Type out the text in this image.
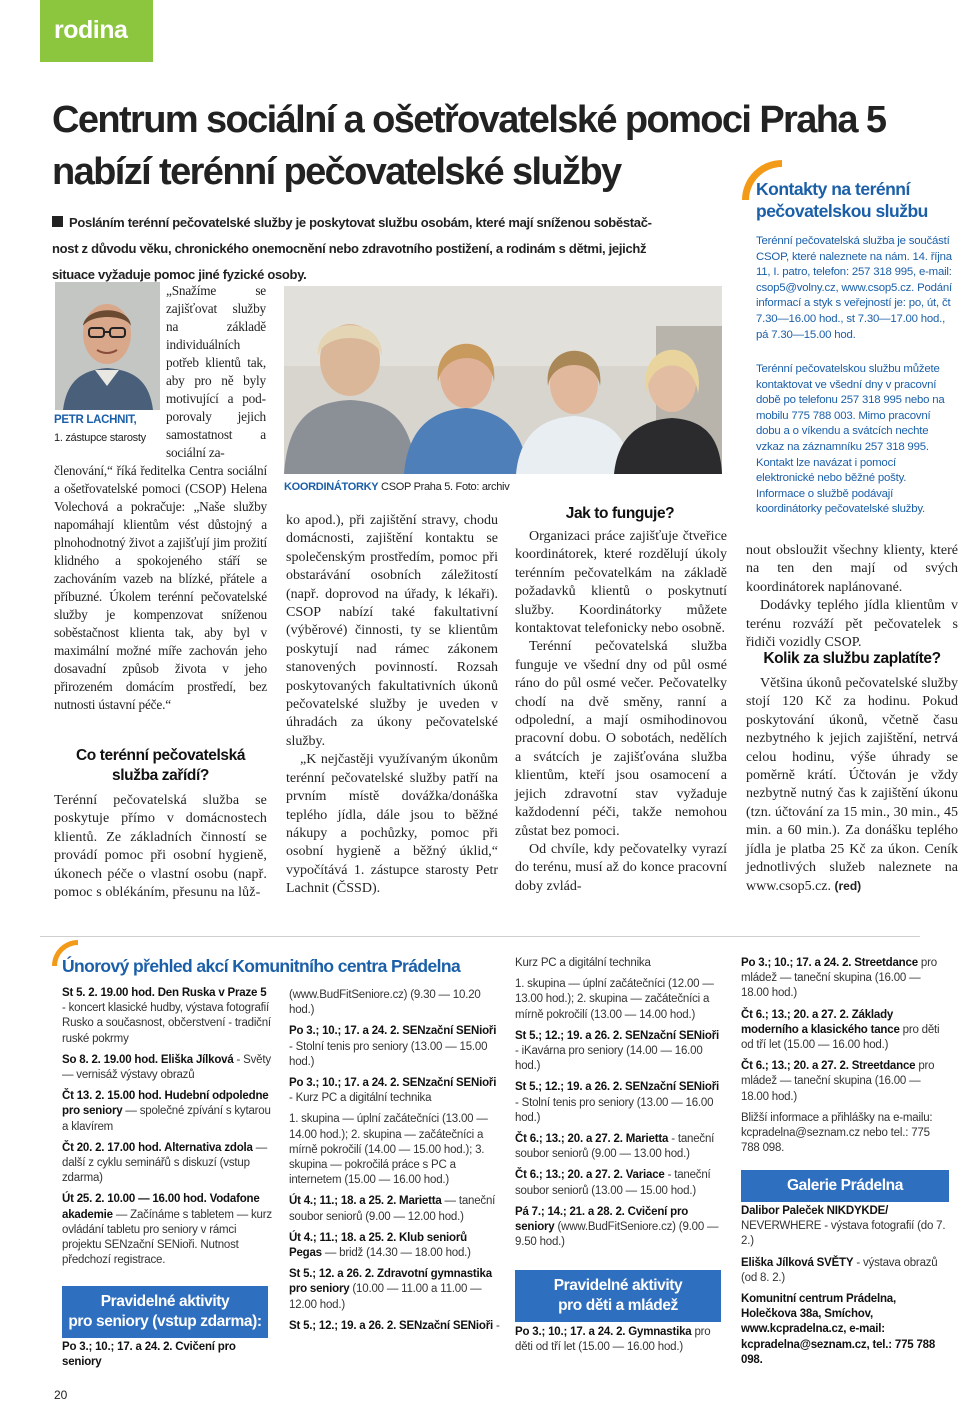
rodina
Centrum sociální a ošetřovatelské pomoci Praha 5
nabízí terénní pečovatelské služby
Posláním terénní pečovatelské služby je poskytovat službu osobám, které mají sníženou soběstač-
nost z důvodu věku, chronického onemocnění nebo zdravotního postižení, a rodinám s dětmi, jejichž
situace vyžaduje pomoc jiné fyzické osoby.
PETR LACHNIT,
1. zástupce starosty
„Snažíme se zajišťovat služby na základě individuálních potřeb klientů tak, aby pro ně byly motivující a podporovaly jejich samostatnost a sociální za-
členování,“ říká ředitelka Centra sociální a ošetřovatelské pomoci (CSOP) Helena Volechová a pokračuje: „Naše služby napomáhají klientům vést důstojný a plnohodnotný život a zajišťují jim prožití klidného a spokojeného stáří se zachováním vazeb na blízké, přátele a příbuzné. Úkolem terénní pečovatelské služby je kompenzovat sníženou soběstačnost klienta tak, aby byl v maximální možné míře zachován jeho dosavadní způsob života v jeho přirozeném domácím prostředí, bez nutnosti ústavní péče.“
Co terénní pečovatelská
služba zařídí?
Terénní pečovatelská služba se poskytuje přímo v domácnostech klientů. Ze základních činností se provádí pomoc při osobní hygieně, úkonech péče o vlastní osobu (např. pomoc s oblékáním, přesunu na lůž-
KOORDINÁTORKY CSOP Praha 5. Foto: archiv

ko apod.), při zajištění stravy, chodu domácnosti, zajištění kontaktu se společenským prostředím, pomoc při obstarávání osobních záležitostí (např. doprovod na úřady, k lékaři). CSOP nabízí také fakultativní (výběrové) činnosti, ty se klientům poskytují nad rámec zákonem stanovených povinností. Rozsah poskytovaných fakultativních úkonů pečovatelské služby je uveden v úhradách za úkony pečovatelské služby.

„K nejčastěji využívaným úkonům terénní pečovatelské služby patří na prvním místě dovážka/donáška teplého jídla, dále jsou to běžné nákupy a pochůzky, pomoc při osobní hygieně a běžný úklid,“ vypočítává 1. zástupce starosty Petr Lachnit (ČSSD).

Jak to funguje?

Organizaci práce zajišťuje čtveřice koordinátorek, které rozdělují úkoly terénním pečovatelkám na základě požadavků klientů o poskytnutí služby. Koordinátorky můžete kontaktovat telefonicky nebo osobně.

Terénní pečovatelská služba funguje ve všední dny od půl osmé ráno do půl osmé večer. Pečovatelky chodí na dvě směny, ranní a odpolední, a mají osmihodinovou pracovní dobu. O sobotách, nedělích a svátcích je zajišťována služba klientům, kteří jsou osamocení a jejich zdravotní stav vyžaduje každodenní péči, takže nemohou zůstat bez pomoci.

Od chvíle, kdy pečovatelky vyrazí do terénu, musí až do konce pracovní doby zvlád-

Kontakty na terénní
pečovatelskou službu
Terénní pečovatelská služba je součástí CSOP, které naleznete na nám. 14. října 11, I. patro, telefon: 257 318 995, e-mail: csop5@volny.cz, www.csop5.cz. Podání informací a styk s veřejností je: po, út, čt 7.30—16.00 hod., st 7.30—17.00 hod., pá 7.30—15.00 hod.
Terénní pečovatelskou službu můžete kontaktovat ve všední dny v pracovní době po telefonu 257 318 995 nebo na mobilu 775 788 003. Mimo pracovní dobu a o víkendu a svátcích nechte vzkaz na záznamníku 257 318 995. Kontakt lze navázat i pomocí elektronické nebo běžné pošty. Informace o službě podávají koordinátorky pečovatelské služby.

nout obsloužit všechny klienty, které na ten den mají od svých koordinátorek naplánované.

Dodávky teplého jídla klientům v terénu rozváží pět pečovatelek s řidiči vozidly CSOP.

Kolik za službu zaplatíte?
Většina úkonů pečovatelské služby stojí 120 Kč za hodinu. Pokud poskytování úkonů, včetně času nezbytného k jejich zajištění, netrvá celou hodinu, výše úhrady se poměrně krátí. Účtován je vždy nezbytně nutný čas k zajištění úkonu (tzn. účtování za 15 min., 30 min., 45 min. a 60 min.). Za donášku teplého jídla je platba 25 Kč za úkon. Ceník jednotlivých služeb naleznete na www.csop5.cz. (red)
Únorový přehled akcí Komunitního centra Prádelna

St 5. 2. 19.00 hod. Den Ruska v Praze 5 - koncert klasické hudby, výstava fotografií Rusko a současnost, občerstvení - tradiční ruské pokrmy

So 8. 2. 19.00 hod. Eliška Jílková - Světy — vernisáž výstavy obrazů

Čt 13. 2. 15.00 hod. Hudební odpoledne pro seniory — společné zpívání s kytarou a klavírem

Čt 20. 2. 17.00 hod. Alternativa zdola — další z cyklu seminářů s diskuzí (vstup zdarma)

Út 25. 2. 10.00 — 16.00 hod. Vodafone akademie — Začínáme s tabletem — kurz ovládání tabletu pro seniory v rámci projektu SENzační SENioři. Nutnost předchozí registrace.

Pravidelné aktivity
pro seniory (vstup zdarma):

Po 3.; 10.; 17. a 24. 2. Cvičení pro seniory

(www.BudFitSeniore.cz) (9.30 — 10.20 hod.)

Po 3.; 10.; 17. a 24. 2. SENzační SENioři - Stolní tenis pro seniory (13.00 — 15.00 hod.)

Po 3.; 10.; 17. a 24. 2. SENzační SENioři - Kurz PC a digitální technika

1. skupina — úplní začátečníci (13.00 — 14.00 hod.); 2. skupina — začátečníci a mírně pokročilí (14.00 — 15.00 hod.); 3. skupina — pokročilá práce s PC a internetem (15.00 — 16.00 hod.)

Út 4.; 11.; 18. a 25. 2. Marietta — taneční soubor seniorů (9.00 — 12.00 hod.)

Út 4.; 11.; 18. a 25. 2. Klub seniorů Pegas — bridž (14.30 — 18.00 hod.)

St 5.; 12. a 26. 2. Zdravotní gymnastika pro seniory (10.00 — 11.00 a 11.00 — 12.00 hod.)

St 5.; 12.; 19. a 26. 2. SENzační SENioři -

Kurz PC a digitální technika

1. skupina — úplní začátečníci (12.00 — 13.00 hod.); 2. skupina — začátečníci a mírně pokročilí (13.00 — 14.00 hod.)

St 5.; 12.; 19. a 26. 2. SENzační SENioři - iKavárna pro seniory (14.00 — 16.00 hod.)

St 5.; 12.; 19. a 26. 2. SENzační SENioři - Stolní tenis pro seniory (13.00 — 16.00 hod.)

Čt 6.; 13.; 20. a 27. 2. Marietta - taneční soubor seniorů (9.00 — 13.00 hod.)

Čt 6.; 13.; 20. a 27. 2. Variace - taneční soubor seniorů (13.00 — 15.00 hod.)

Pá 7.; 14.; 21. a 28. 2. Cvičení pro seniory (www.BudFitSeniore.cz) (9.00 — 9.50 hod.)

Pravidelné aktivity
pro děti a mládež

Po 3.; 10.; 17. a 24. 2. Gymnastika pro děti od tří let (15.00 — 16.00 hod.)

Po 3.; 10.; 17. a 24. 2. Streetdance pro mládež — taneční skupina (16.00 — 18.00 hod.)

Čt 6.; 13.; 20. a 27. 2. Základy moderního a klasického tance pro děti od tří let (15.00 — 16.00 hod.)

Čt 6.; 13.; 20. a 27. 2. Streetdance pro mládež — taneční skupina (16.00 — 18.00 hod.)

Bližší informace a přihlášky na e-mailu: kcpradelna@seznam.cz nebo tel.: 775 788 098.

Galerie Prádelna

Dalibor Paleček NIKDYKDE/ NEVERWHERE - výstava fotografií (do 7. 2.)

Eliška Jílková SVĚTY - výstava obrazů (od 8. 2.)

Komunitní centrum Prádelna, Holečkova 38a, Smíchov, www.kcpradelna.cz, e-mail: kcpradelna@seznam.cz, tel.: 775 788 098.

20
